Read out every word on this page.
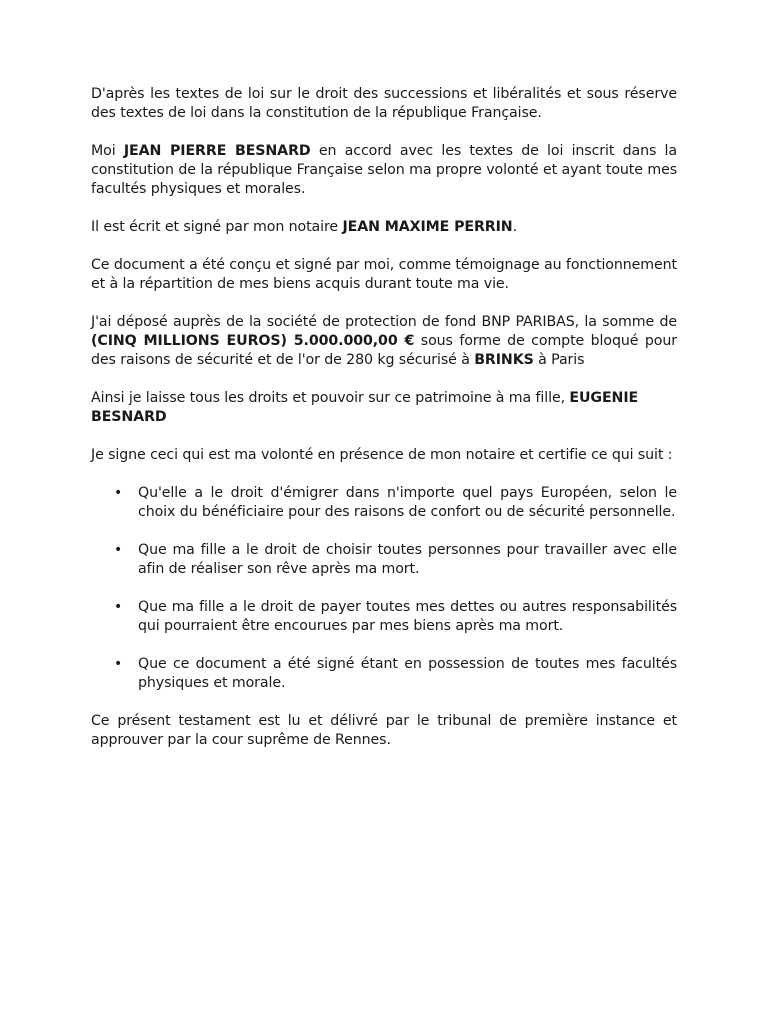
D'après les textes de loi sur le droit des successions et libéralités et sous réserve des textes de loi dans la constitution de la république Française.

Moi JEAN PIERRE BESNARD en accord avec les textes de loi inscrit dans la constitution de la république Française selon ma propre volonté et ayant toute mes facultés physiques et morales.

Il est écrit et signé par mon notaire JEAN MAXIME PERRIN.

Ce document a été conçu et signé par moi, comme témoignage au fonctionnement et à la répartition de mes biens acquis durant toute ma vie.

J'ai déposé auprès de la société de protection de fond BNP PARIBAS, la somme de (CINQ MILLIONS EUROS) 5.000.000,00 € sous forme de compte bloqué pour des raisons de sécurité et de l'or de 280 kg sécurisé à BRINKS à Paris

Ainsi je laisse tous les droits et pouvoir sur ce patrimoine à ma fille, EUGENIE BESNARD

Je signe ceci qui est ma volonté en présence de mon notaire et certifie ce qui suit :

• Qu'elle a le droit d'émigrer dans n'importe quel pays Européen, selon le choix du bénéficiaire pour des raisons de confort ou de sécurité personnelle.
• Que ma fille a le droit de choisir toutes personnes pour travailler avec elle afin de réaliser son rêve après ma mort.
• Que ma fille a le droit de payer toutes mes dettes ou autres responsabilités qui pourraient être encourues par mes biens après ma mort.
• Que ce document a été signé étant en possession de toutes mes facultés physiques et morale.

Ce présent testament est lu et délivré par le tribunal de première instance et approuver par la cour suprême de Rennes.
